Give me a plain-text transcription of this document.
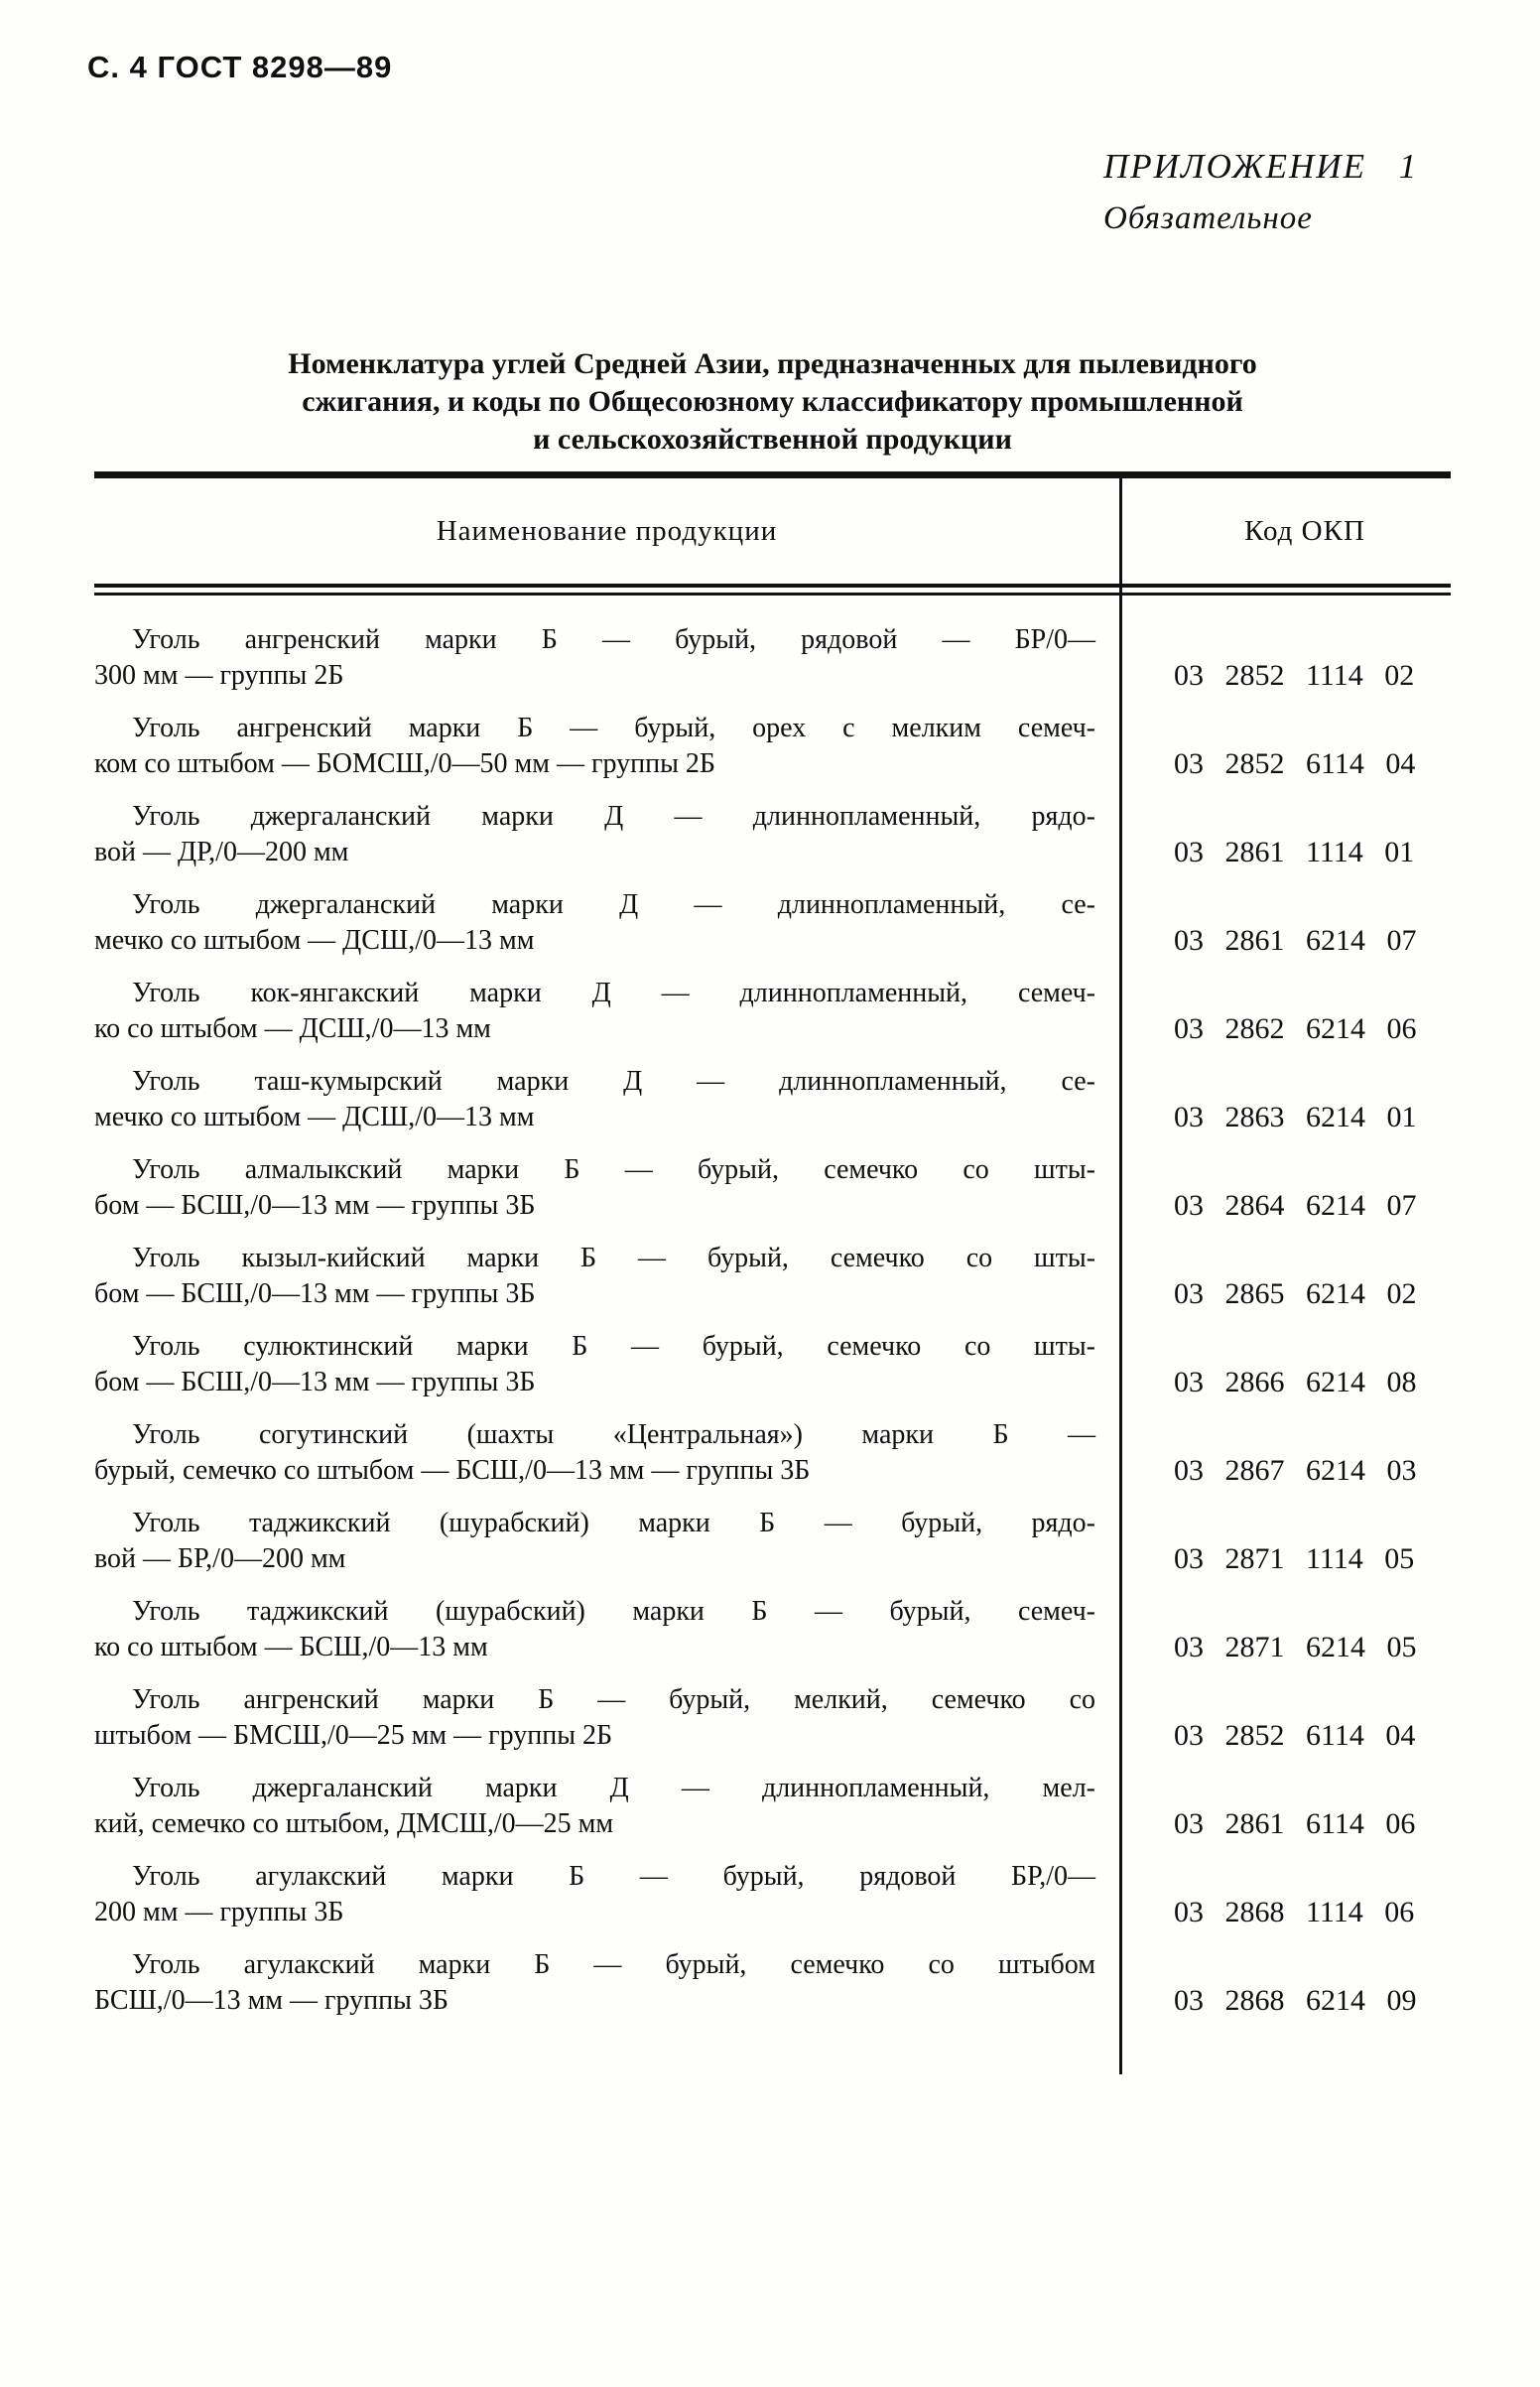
С. 4 ГОСТ 8298—89
ПРИЛОЖЕНИЕ 1
Обязательное
Номенклатура углей Средней Азии, предназначенных для пылевидного
сжигания, и коды по Общесоюзному классификатору промышленной
и сельскохозяйственной продукции
Наименование продукции	Код ОКП
Уголь ангренский марки Б — бурый, рядовой — БР/0—
300 мм — группы 2Б	03 2852 1114 02
Уголь ангренский марки Б — бурый, орех с мелким семеч-
ком со штыбом — БОМСШ,/0—50 мм — группы 2Б	03 2852 6114 04
Уголь джергаланский марки Д — длиннопламенный, рядо-
вой — ДР,/0—200 мм	03 2861 1114 01
Уголь джергаланский марки Д — длиннопламенный, се-
мечко со штыбом — ДСШ,/0—13 мм	03 2861 6214 07
Уголь кок-янгакский марки Д — длиннопламенный, семеч-
ко со штыбом — ДСШ,/0—13 мм	03 2862 6214 06
Уголь таш-кумырский марки Д — длиннопламенный, се-
мечко со штыбом — ДСШ,/0—13 мм	03 2863 6214 01
Уголь алмалыкский марки Б — бурый, семечко со шты-
бом — БСШ,/0—13 мм — группы 3Б	03 2864 6214 07
Уголь кызыл-кийский марки Б — бурый, семечко со шты-
бом — БСШ,/0—13 мм — группы 3Б	03 2865 6214 02
Уголь сулюктинский марки Б — бурый, семечко со шты-
бом — БСШ,/0—13 мм — группы 3Б	03 2866 6214 08
Уголь согутинский (шахты «Центральная») марки Б —
бурый, семечко со штыбом — БСШ,/0—13 мм — группы 3Б	03 2867 6214 03
Уголь таджикский (шурабский) марки Б — бурый, рядо-
вой — БР,/0—200 мм	03 2871 1114 05
Уголь таджикский (шурабский) марки Б — бурый, семеч-
ко со штыбом — БСШ,/0—13 мм	03 2871 6214 05
Уголь ангренский марки Б — бурый, мелкий, семечко со
штыбом — БМСШ,/0—25 мм — группы 2Б	03 2852 6114 04
Уголь джергаланский марки Д — длиннопламенный, мел-
кий, семечко со штыбом, ДМСШ,/0—25 мм	03 2861 6114 06
Уголь агулакский марки Б — бурый, рядовой БР,/0—
200 мм — группы 3Б	03 2868 1114 06
Уголь агулакский марки Б — бурый, семечко со штыбом
БСШ,/0—13 мм — группы 3Б	03 2868 6214 09
